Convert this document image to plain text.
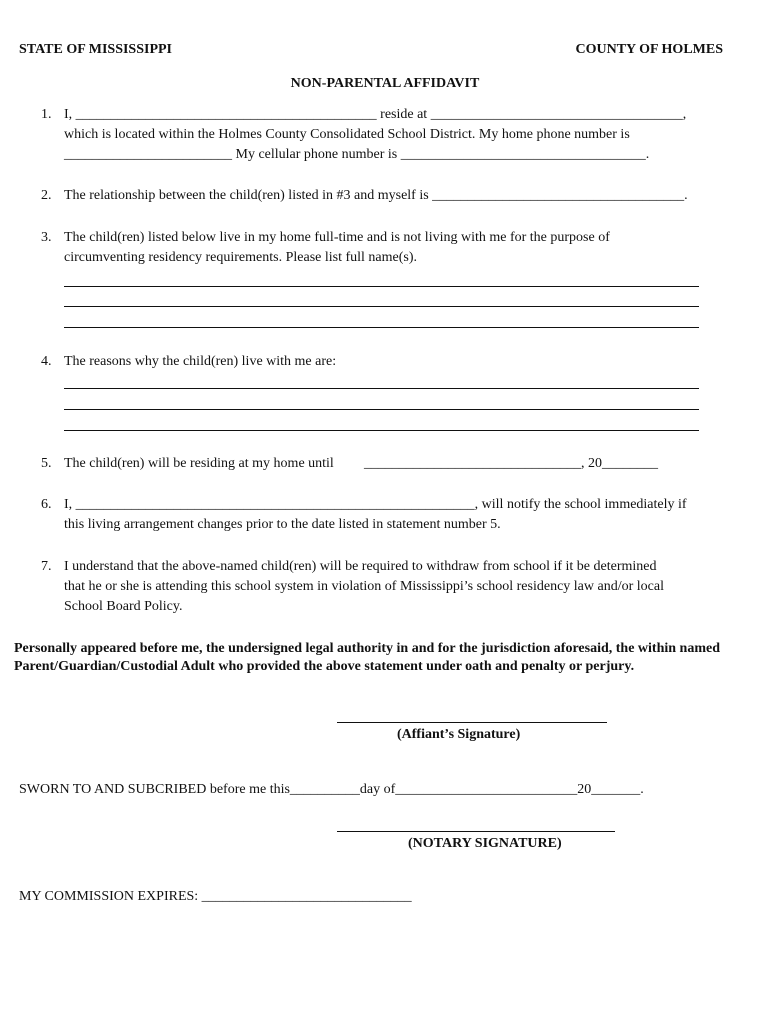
STATE OF MISSISSIPPI	COUNTY OF HOLMES
NON-PARENTAL AFFIDAVIT
1. I, ___________________________________________ reside at ____________________________________,
which is located within the Holmes County Consolidated School District. My home phone number is
________________________ My cellular phone number is ___________________________________.
2. The relationship between the child(ren) listed in #3 and myself is ____________________________________.
3. The child(ren) listed below live in my home full-time and is not living with me for the purpose of
circumventing residency requirements. Please list full name(s).
4. The reasons why the child(ren) live with me are:
5. The child(ren) will be residing at my home until _______________________________, 20________
6. I, _________________________________________________________, will notify the school immediately if
this living arrangement changes prior to the date listed in statement number 5.
7. I understand that the above-named child(ren) will be required to withdraw from school if it be determined
that he or she is attending this school system in violation of Mississippi’s school residency law and/or local
School Board Policy.
Personally appeared before me, the undersigned legal authority in and for the jurisdiction aforesaid, the within named Parent/Guardian/Custodial Adult who provided the above statement under oath and penalty or perjury.
(Affiant’s Signature)
SWORN TO AND SUBCRIBED before me this__________day of__________________________20_______.
(NOTARY SIGNATURE)
MY COMMISSION EXPIRES: ______________________________
